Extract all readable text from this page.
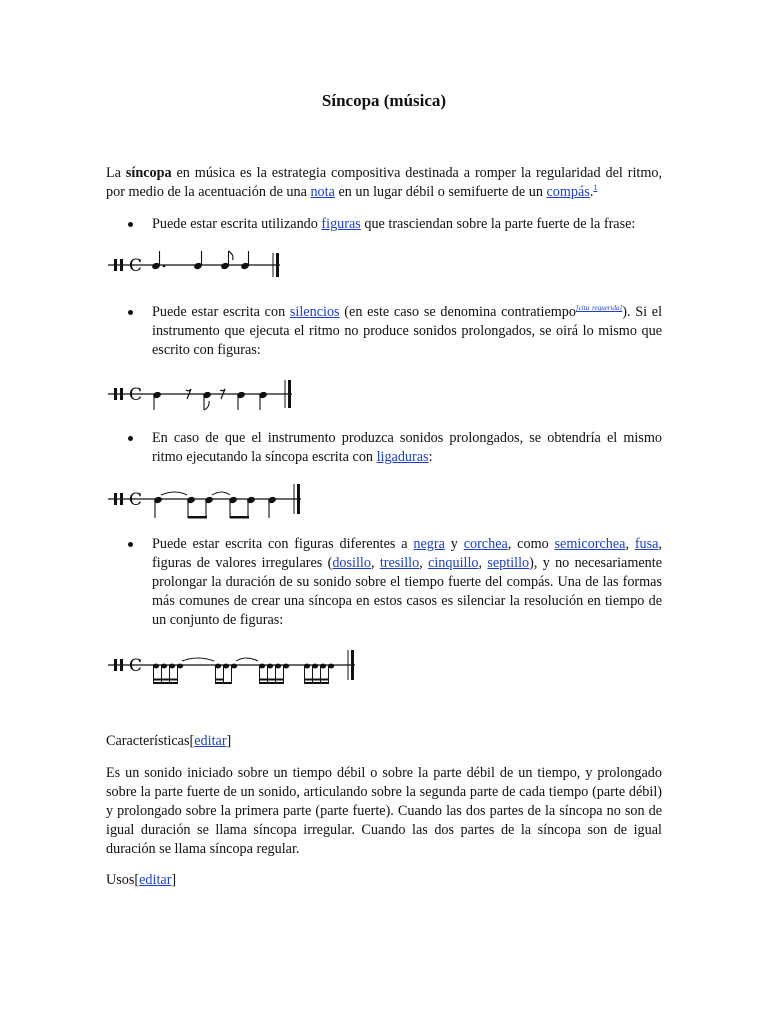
Síncopa (música)
La síncopa en música es la estrategia compositiva destinada a romper la regularidad del ritmo, por medio de la acentuación de una nota en un lugar débil o semifuerte de un compás.$^1$
Puede estar escrita utilizando figuras que trasciendan sobre la parte fuerte de la frase:
C
Puede estar escrita con silencios (en este caso se denomina contratiempo[cita requerida]). Si el instrumento que ejecuta el ritmo no produce sonidos prolongados, se oirá lo mismo que escrito con figuras:
C
En caso de que el instrumento produzca sonidos prolongados, se obtendría el mismo ritmo ejecutando la síncopa escrita con ligaduras:
C
Puede estar escrita con figuras diferentes a negra y corchea, como semicorchea, fusa, figuras de valores irregulares (dosillo, tresillo, cinquillo, septillo), y no necesariamente prolongar la duración de su sonido sobre el tiempo fuerte del compás. Una de las formas más comunes de crear una síncopa en estos casos es silenciar la resolución en tiempo de un conjunto de figuras:
C
Características[editar]
Es un sonido iniciado sobre un tiempo débil o sobre la parte débil de un tiempo, y prolongado sobre la parte fuerte de un sonido, articulando sobre la segunda parte de cada tiempo (parte débil) y prolongado sobre la primera parte (parte fuerte). Cuando las dos partes de la síncopa no son de igual duración se llama síncopa irregular. Cuando las dos partes de la síncopa son de igual duración se llama síncopa regular.
Usos[editar]
